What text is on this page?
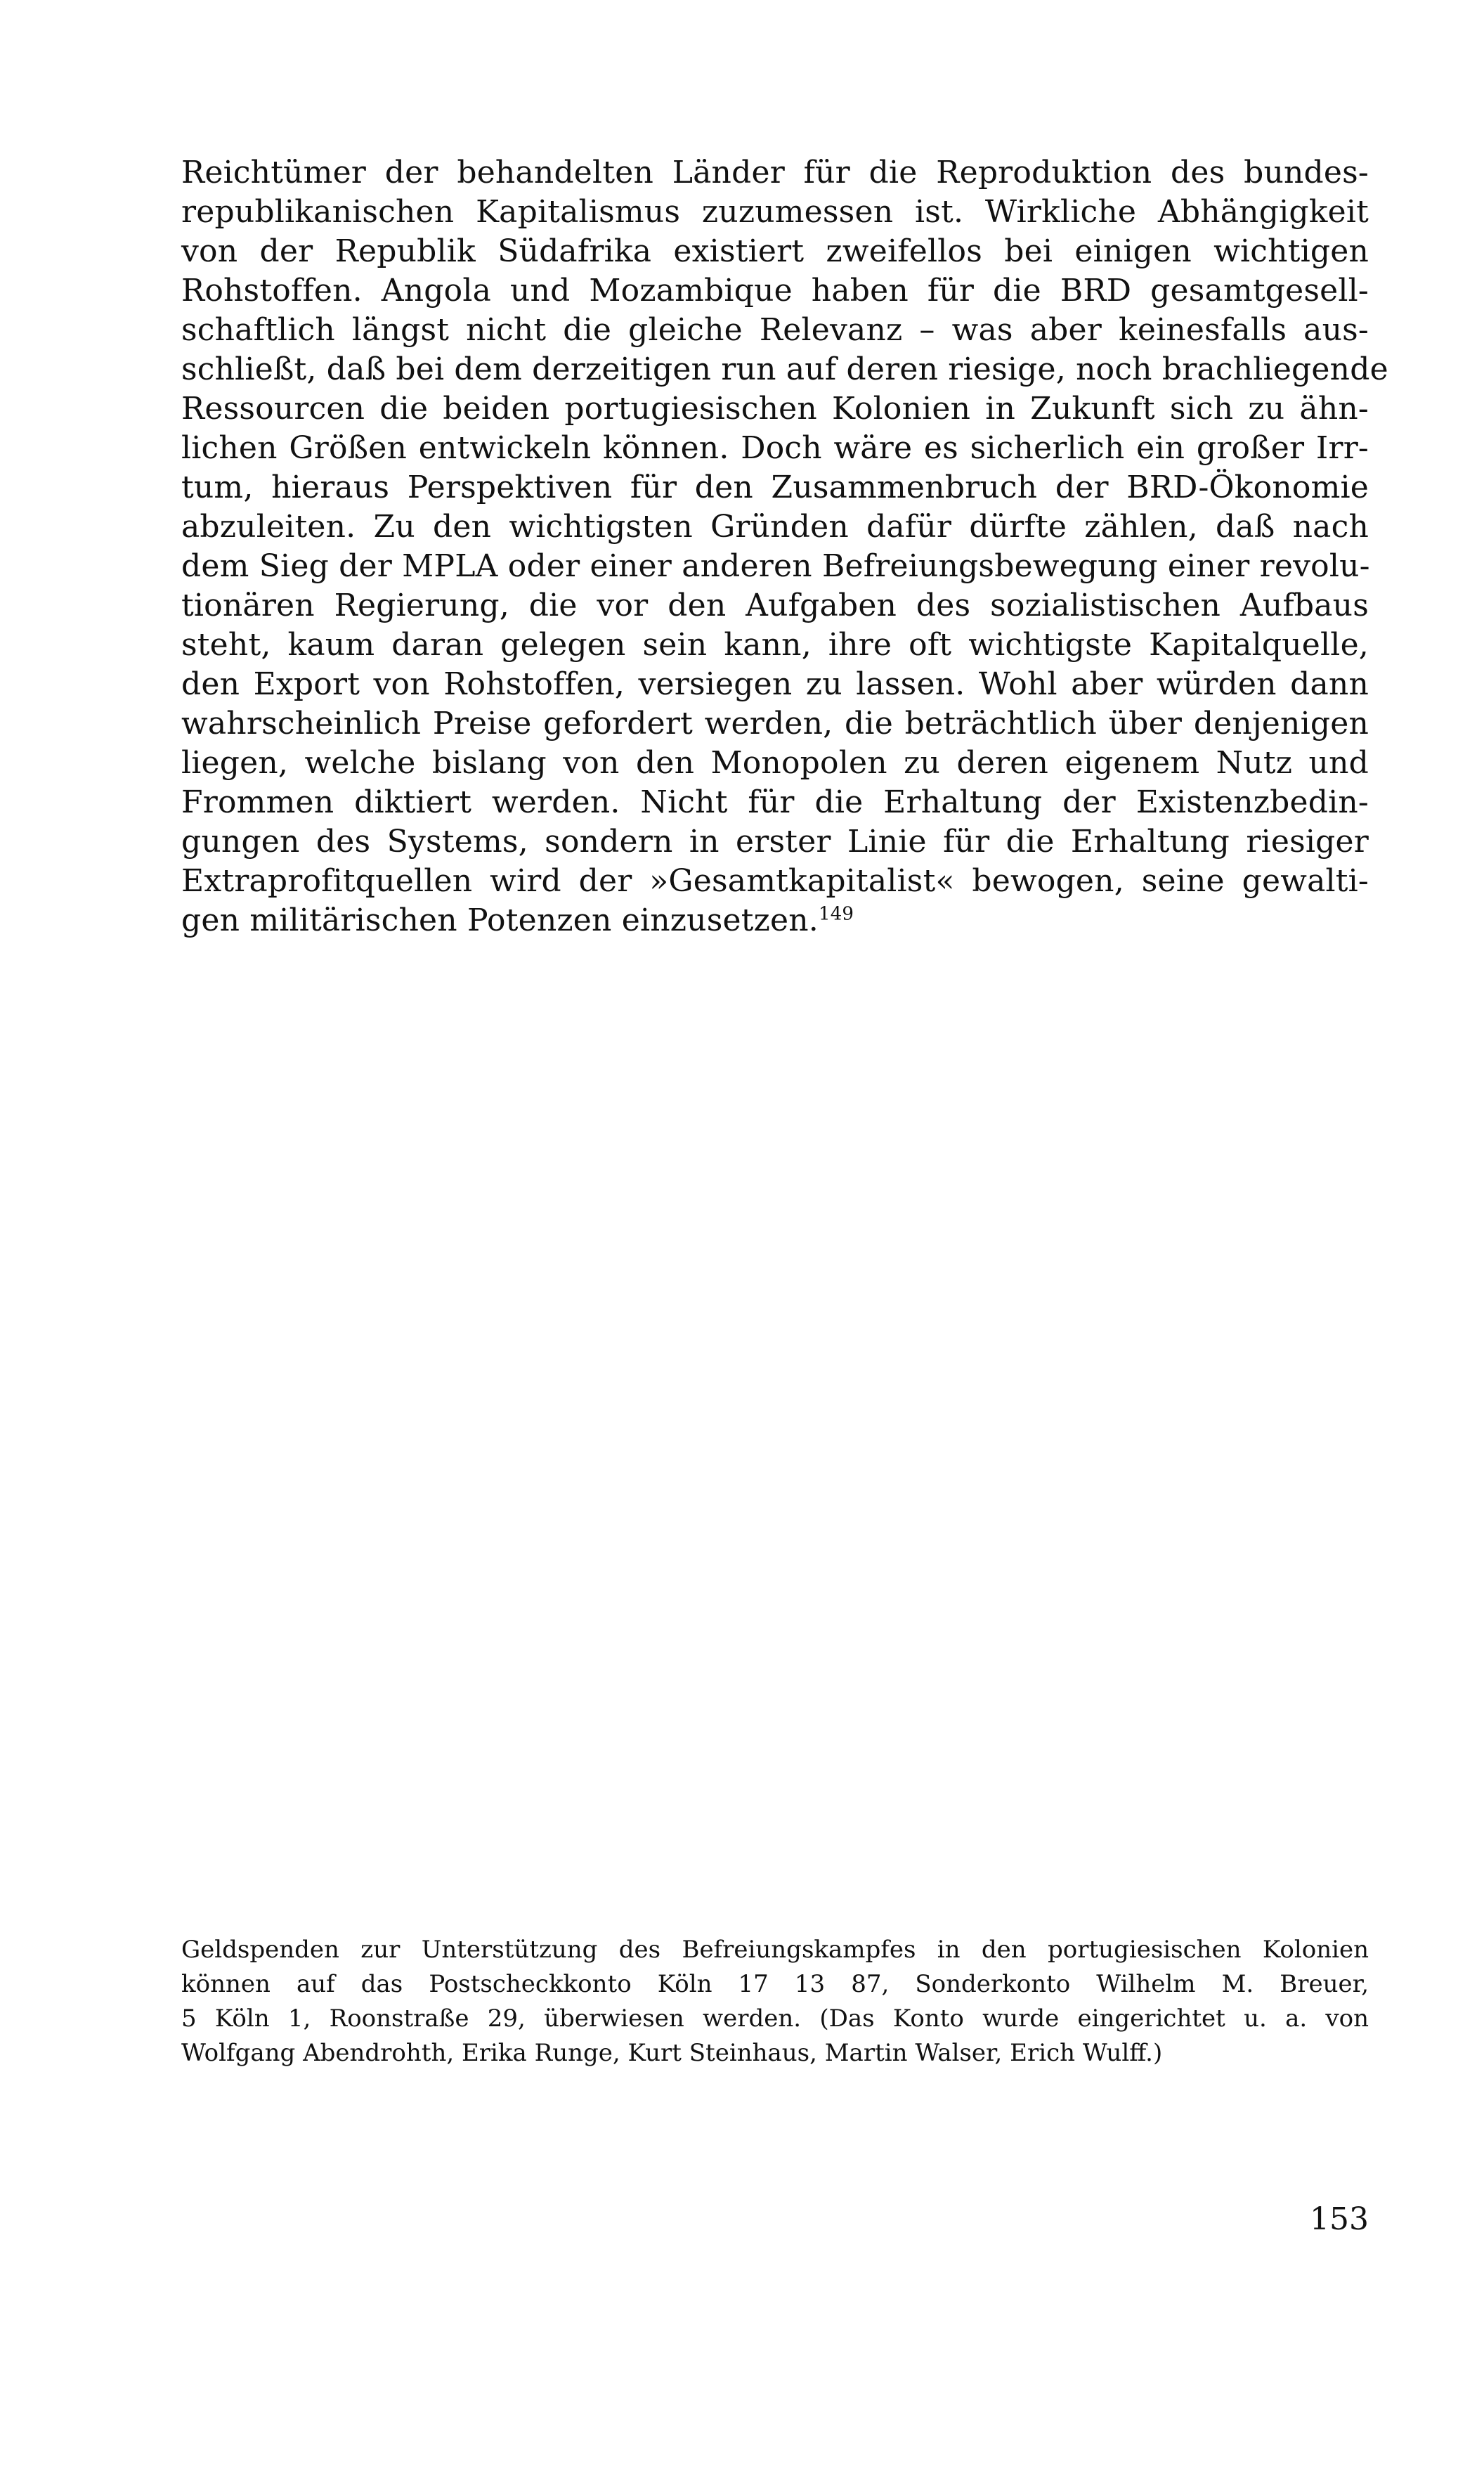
Reichtümer der behandelten Länder für die Reproduktion des bundes-
republikanischen Kapitalismus zuzumessen ist. Wirkliche Abhängigkeit
von der Republik Südafrika existiert zweifellos bei einigen wichtigen
Rohstoffen. Angola und Mozambique haben für die BRD gesamtgesell-
schaftlich längst nicht die gleiche Relevanz – was aber keinesfalls aus-
schließt, daß bei dem derzeitigen run auf deren riesige, noch brachliegende
Ressourcen die beiden portugiesischen Kolonien in Zukunft sich zu ähn-
lichen Größen entwickeln können. Doch wäre es sicherlich ein großer Irr-
tum, hieraus Perspektiven für den Zusammenbruch der BRD-Ökonomie
abzuleiten. Zu den wichtigsten Gründen dafür dürfte zählen, daß nach
dem Sieg der MPLA oder einer anderen Befreiungsbewegung einer revolu-
tionären Regierung, die vor den Aufgaben des sozialistischen Aufbaus
steht, kaum daran gelegen sein kann, ihre oft wichtigste Kapitalquelle,
den Export von Rohstoffen, versiegen zu lassen. Wohl aber würden dann
wahrscheinlich Preise gefordert werden, die beträchtlich über denjenigen
liegen, welche bislang von den Monopolen zu deren eigenem Nutz und
Frommen diktiert werden. Nicht für die Erhaltung der Existenzbedin-
gungen des Systems, sondern in erster Linie für die Erhaltung riesiger
Extraprofitquellen wird der »Gesamtkapitalist« bewogen, seine gewalti-
gen militärischen Potenzen einzusetzen.$^{149}$
Geldspenden zur Unterstützung des Befreiungskampfes in den portugiesischen Kolonien
können auf das Postscheckkonto Köln 17 13 87, Sonderkonto Wilhelm M. Breuer,
5 Köln 1, Roonstraße 29, überwiesen werden. (Das Konto wurde eingerichtet u. a. von
Wolfgang Abendrohth, Erika Runge, Kurt Steinhaus, Martin Walser, Erich Wulff.)
153
